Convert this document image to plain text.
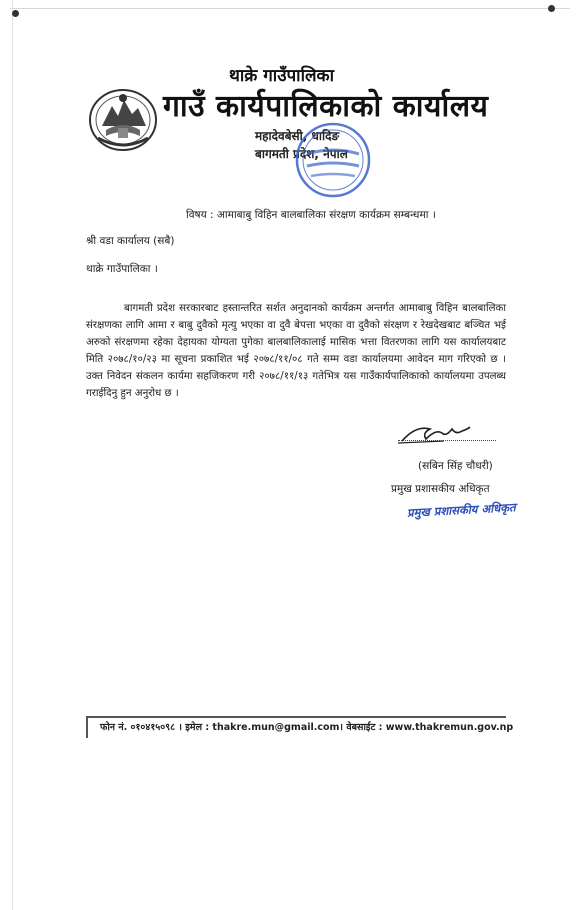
थाक्रे गाउँपालिका
गाउँ कार्यपालिकाको कार्यालय
महादेवबेसी, धादिङ
बागमती प्रदेश, नेपाल
विषय : आमाबाबु विहिन बालबालिका संरक्षण कार्यक्रम सम्बन्धमा ।
श्री वडा कार्यालय (सबै)
थाक्रे गाउँपालिका ।
बागमती प्रदेश सरकारबाट हस्तान्तरित सर्शत अनुदानको कार्यक्रम अन्तर्गत आमाबाबु विहिन बालबालिका संरक्षणका लागि आमा र बाबु दुवैको मृत्यु भएका वा दुवै बेपत्ता भएका वा दुवैको संरक्षण र रेखदेखबाट बञ्चित भई अरुको संरक्षणमा रहेका देहायका योग्यता पुगेका बालबालिकालाई मासिक भत्ता वितरणका लागि यस कार्यालयबाट मिति २०७८/१०/२३ मा सूचना प्रकाशित भई २०७८/११/०८ गते सम्म वडा कार्यालयमा आवेदन माग गरिएको छ । उक्त निवेदन संकलन कार्यमा सहजिकरण गरी २०७८/११/१३ गतेभित्र यस गाउँकार्यपालिकाको कार्यालयमा उपलब्ध गराईदिनु हुन अनुरोध छ ।
(सबिन सिंह चौधरी)
प्रमुख प्रशासकीय अधिकृत
प्रमुख प्रशासकीय अधिकृत
फोन नं. ०१०४१५०९८ । इमेल : thakre.mun@gmail.com। वेबसाईट : www.thakremun.gov.np
